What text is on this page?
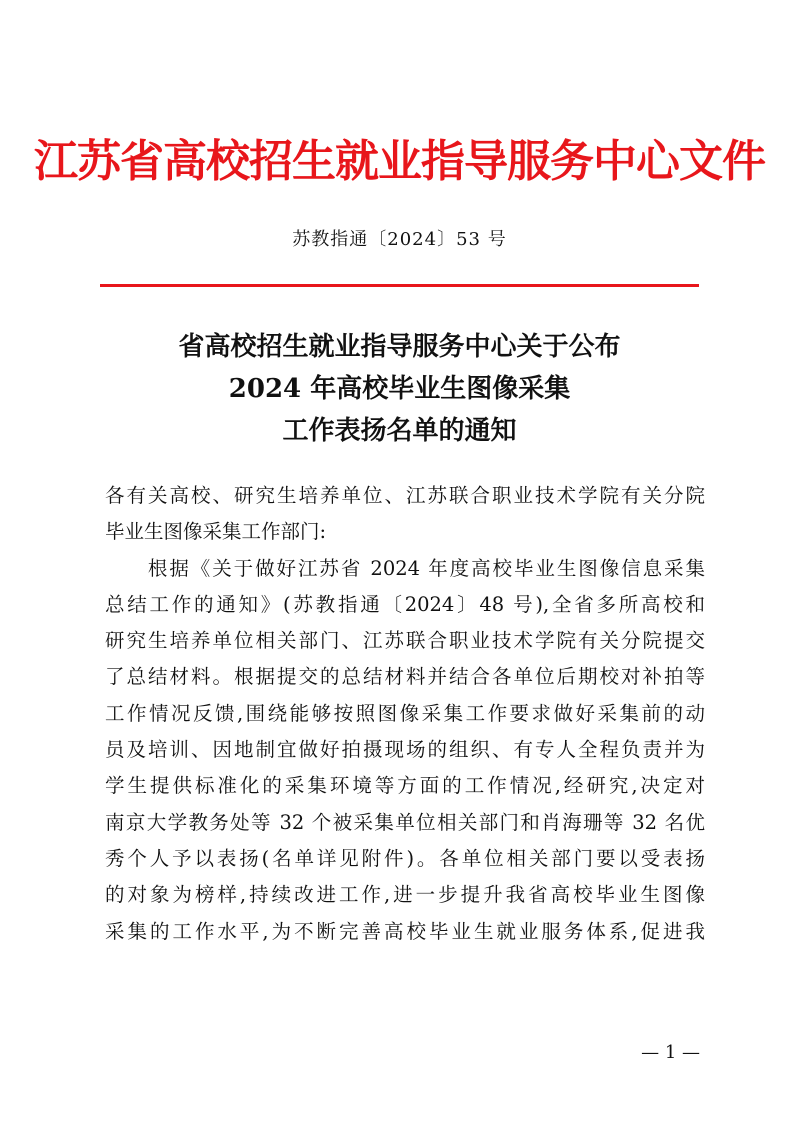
江苏省高校招生就业指导服务中心文件
苏教指通〔2024〕53 号
省高校招生就业指导服务中心关于公布
2024 年高校毕业生图像采集
工作表扬名单的通知
各有关高校、研究生培养单位、江苏联合职业技术学院有关分院
毕业生图像采集工作部门:
　　根据《关于做好江苏省 2024 年度高校毕业生图像信息采集
总结工作的通知》(苏教指通〔2024〕48 号),全省多所高校和
研究生培养单位相关部门、江苏联合职业技术学院有关分院提交
了总结材料。根据提交的总结材料并结合各单位后期校对补拍等
工作情况反馈,围绕能够按照图像采集工作要求做好采集前的动
员及培训、因地制宜做好拍摄现场的组织、有专人全程负责并为
学生提供标准化的采集环境等方面的工作情况,经研究,决定对
南京大学教务处等 32 个被采集单位相关部门和肖海珊等 32 名优
秀个人予以表扬(名单详见附件)。各单位相关部门要以受表扬
的对象为榜样,持续改进工作,进一步提升我省高校毕业生图像
采集的工作水平,为不断完善高校毕业生就业服务体系,促进我
— 1 —
